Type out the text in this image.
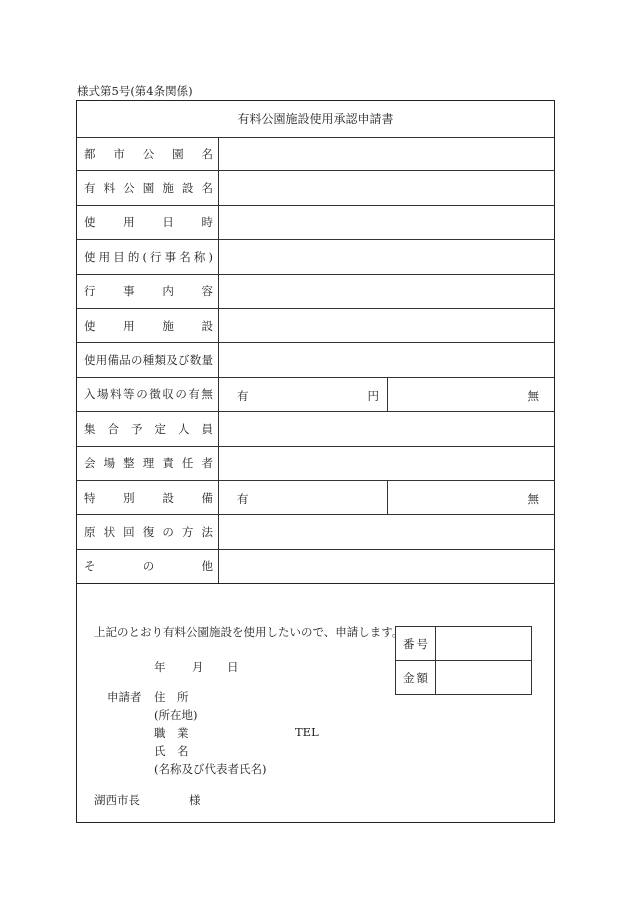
様式第5号(第4条関係)
有料公園施設使用承認申請書
都 市 公 園 名
有 料 公 園 施 設 名
使 用 日 時
使 用 目 的 ( 行 事 名 称 )
行 事 内 容
使 用 施 設
使 用 備 品 の 種 類 及 び 数 量
入 場 料 等 の 徴 収 の 有 無 有	円	無
集 合 予 定 人 員
会 場 整 理 責 任 者
特 別 設 備 有	無
原 状 回 復 の 方 法
そ	の	他
上記のとおり有料公園施設を使用したいので、申請します。
年 月 日
申請者 住　所
(所在地)
職　業	TEL
氏　名
(名称及び代表者氏名)
湖西市長	様
番 号
金 額
